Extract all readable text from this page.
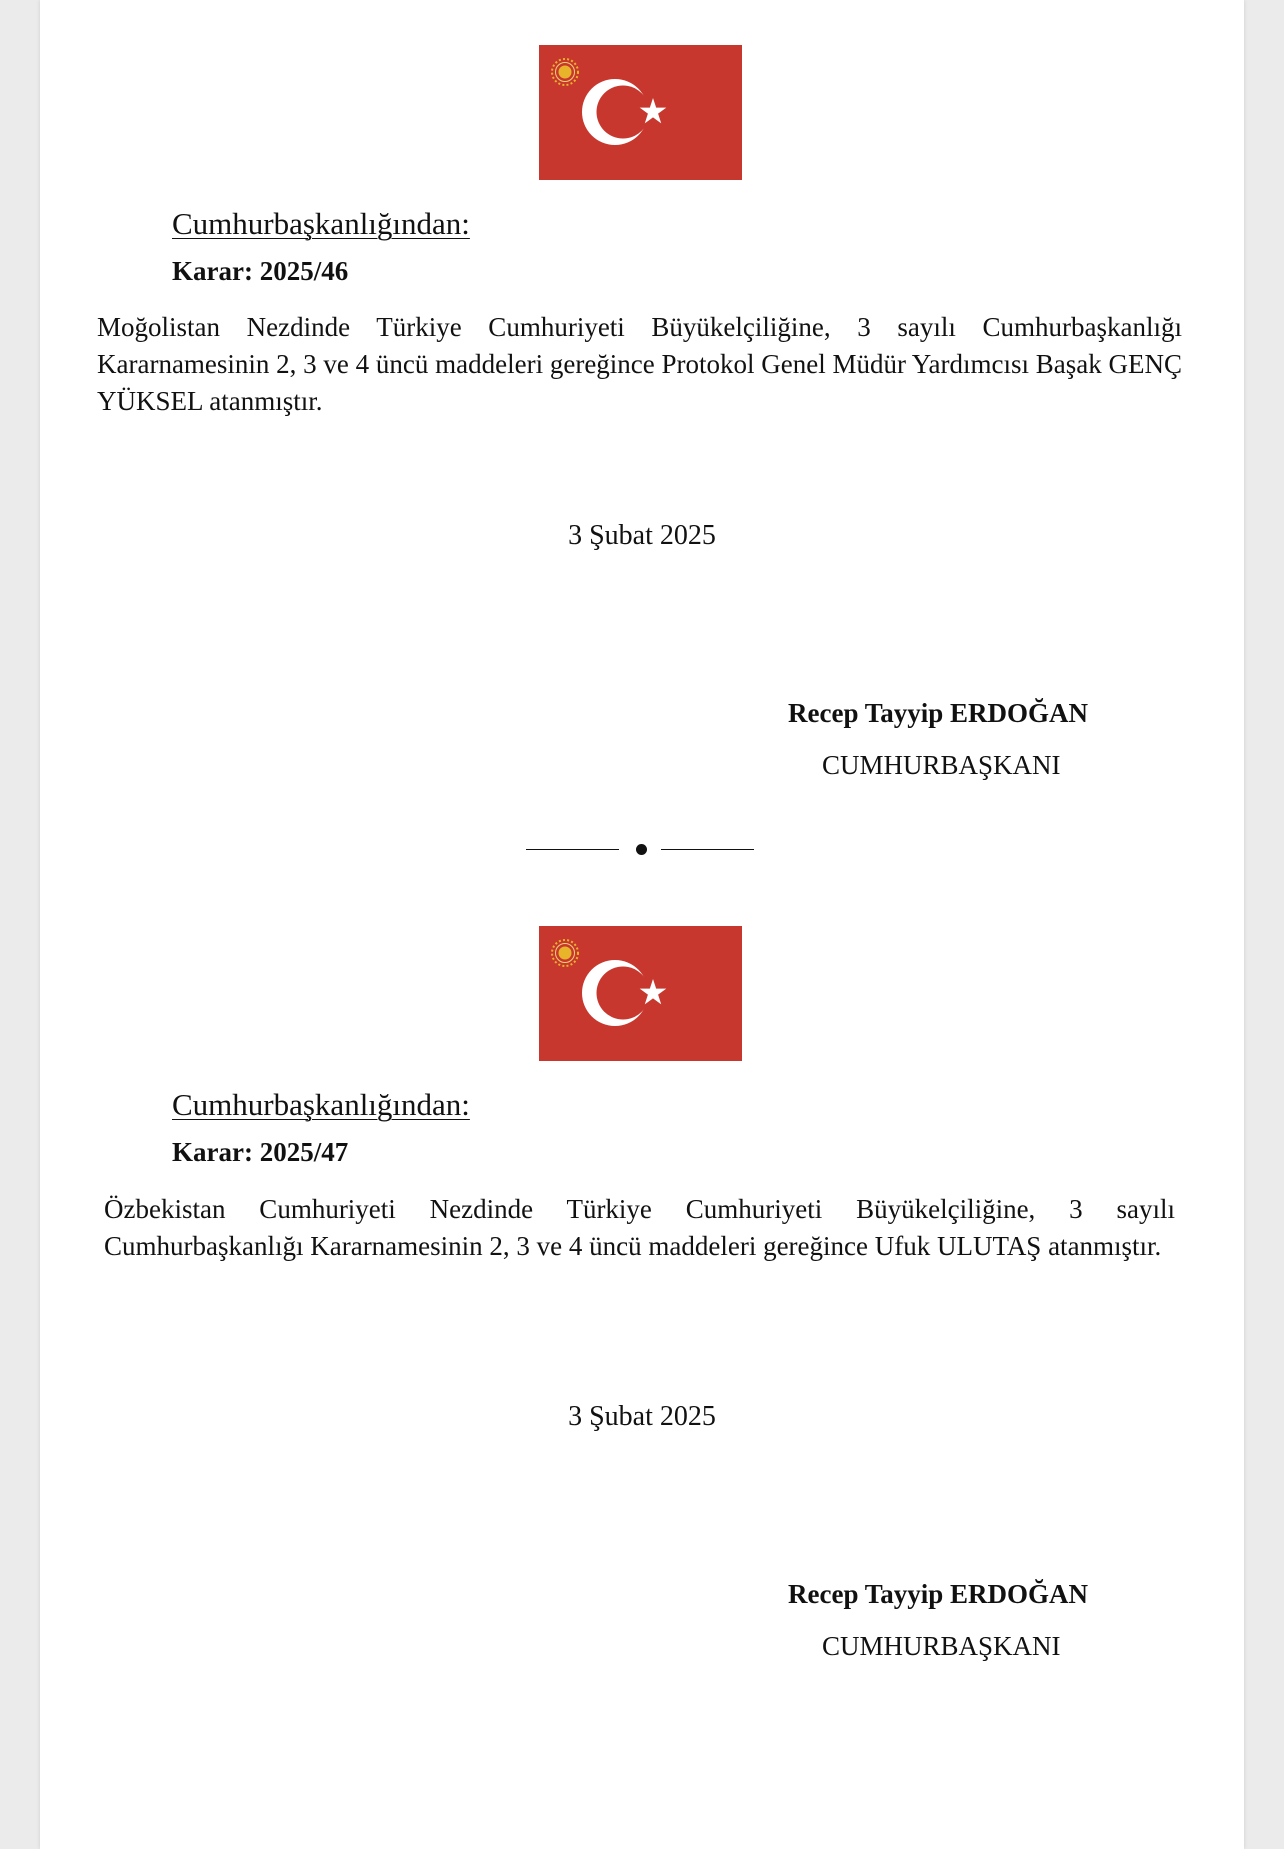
Cumhurbaşkanlığından:
Karar: 2025/46
Moğolistan Nezdinde Türkiye Cumhuriyeti Büyükelçiliğine, 3 sayılı Cumhurbaşkanlığı Kararnamesinin 2, 3 ve 4 üncü maddeleri gereğince Protokol Genel Müdür Yardımcısı Başak GENÇ YÜKSEL atanmıştır.
3 Şubat 2025
Recep Tayyip ERDOĞAN
CUMHURBAŞKANI
Cumhurbaşkanlığından:
Karar: 2025/47
Özbekistan Cumhuriyeti Nezdinde Türkiye Cumhuriyeti Büyükelçiliğine, 3 sayılı Cumhurbaşkanlığı Kararnamesinin 2, 3 ve 4 üncü maddeleri gereğince Ufuk ULUTAŞ atanmıştır.
3 Şubat 2025
Recep Tayyip ERDOĞAN
CUMHURBAŞKANI
